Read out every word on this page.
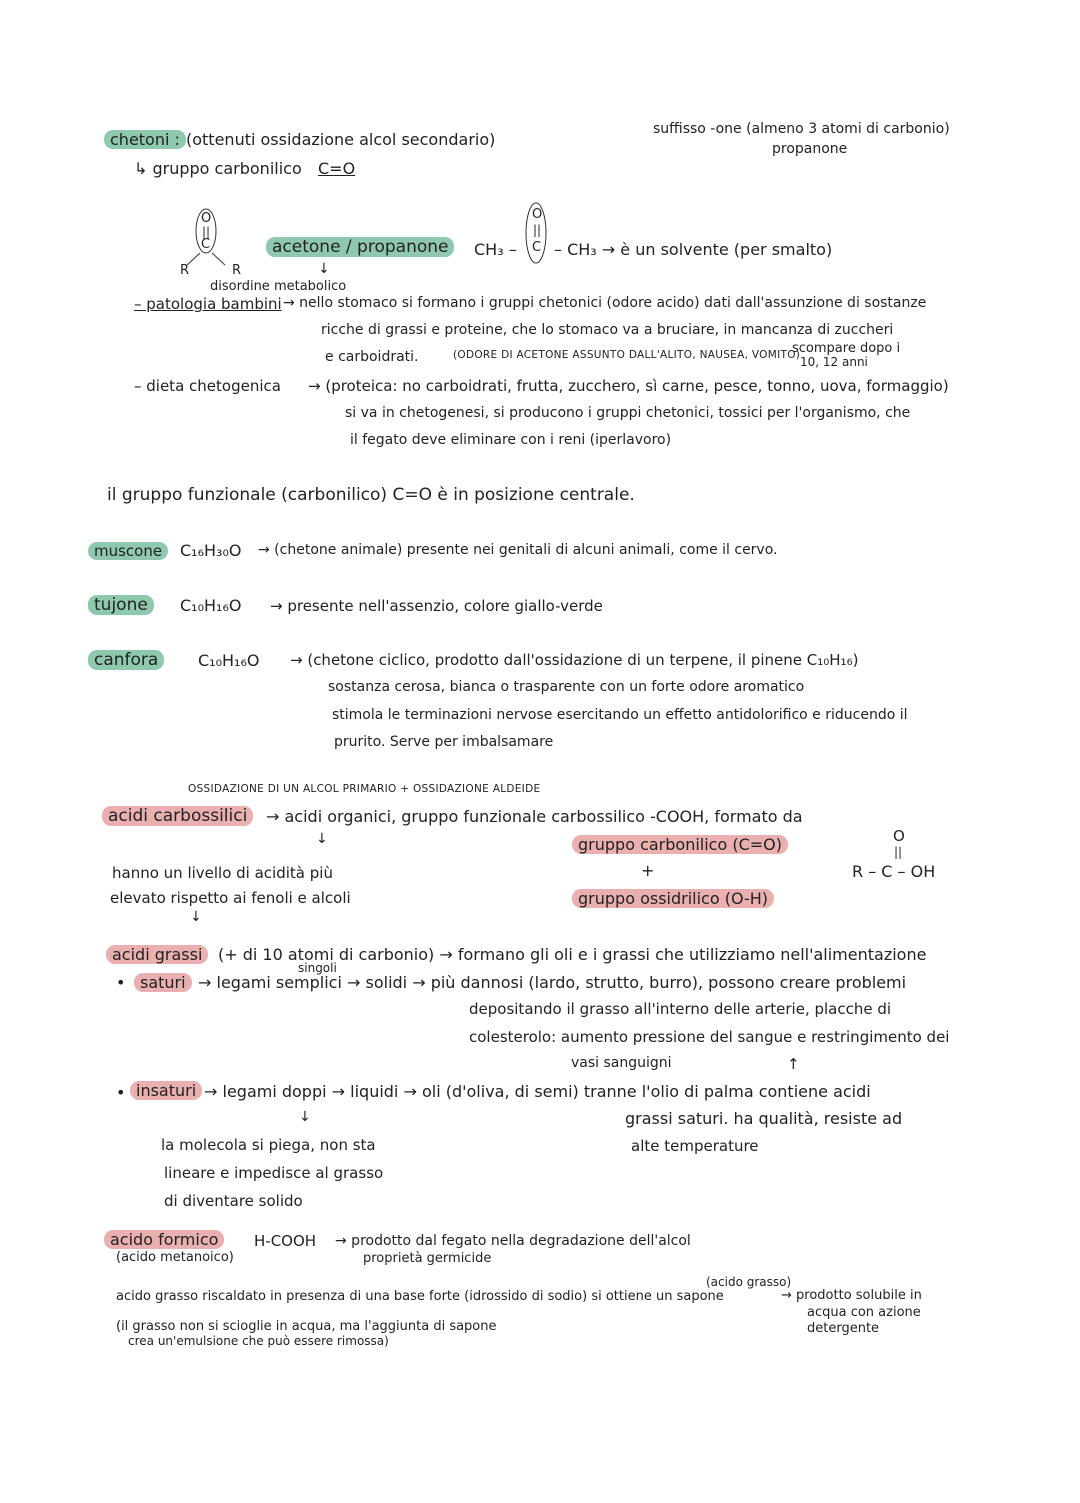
chetoni : (ottenuti ossidazione alcol secondario)
suffisso -one (almeno 3 atomi di carbonio)
propanone
↳ gruppo carbonilico C=O
O
||
C
R	R
acetone / propanone	CH₃ –
O
||
C – CH₃ → è un solvente (per smalto)
↓
disordine metabolico
– patologia bambini → nello stomaco si formano i gruppi chetonici (odore acido) dati dall'assunzione di sostanze
ricche di grassi e proteine, che lo stomaco va a bruciare, in mancanza di zuccheri
e carboidrati.	(ODORE DI ACETONE ASSUNTO DALL'ALITO, NAUSEA, VOMITO)
scompare dopo i
10, 12 anni
– dieta chetogenica → (proteica: no carboidrati, frutta, zucchero, sì carne, pesce, tonno, uova, formaggio)
si va in chetogenesi, si producono i gruppi chetonici, tossici per l'organismo, che
il fegato deve eliminare con i reni (iperlavoro)
il gruppo funzionale (carbonilico) C=O è in posizione centrale.
muscone	C₁₆H₃₀O → (chetone animale) presente nei genitali di alcuni animali, come il cervo.
tujone	C₁₀H₁₆O → presente nell'assenzio, colore giallo-verde
canfora	C₁₀H₁₆O → (chetone ciclico, prodotto dall'ossidazione di un terpene, il pinene C₁₀H₁₆)
sostanza cerosa, bianca o trasparente con un forte odore aromatico
stimola le terminazioni nervose esercitando un effetto antidolorifico e riducendo il
prurito. Serve per imbalsamare
OSSIDAZIONE DI UN ALCOL PRIMARIO + OSSIDAZIONE ALDEIDE
acidi carbossilici	→ acidi organici, gruppo funzionale carbossilico -COOH, formato da
↓
hanno un livello di acidità più
elevato rispetto ai fenoli e alcoli
↓
gruppo carbonilico (C=O)
+
gruppo ossidrilico (O-H)
O
||
R – C – OH
acidi grassi (+ di 10 atomi di carbonio) → formano gli oli e i grassi che utilizziamo nell'alimentazione
singoli
• saturi → legami semplici → solidi → più dannosi (lardo, strutto, burro), possono creare problemi
depositando il grasso all'interno delle arterie, placche di
colesterolo: aumento pressione del sangue e restringimento dei
vasi sanguigni	↑
• insaturi → legami doppi → liquidi → oli (d'oliva, di semi) tranne l'olio di palma contiene acidi
grassi saturi. ha qualità, resiste ad
alte temperature
↓
la molecola si piega, non sta
lineare e impedisce al grasso
di diventare solido
acido formico
(acido metanoico)
H-COOH → prodotto dal fegato nella degradazione dell'alcol
proprietà germicide
(acido grasso)
acido grasso riscaldato in presenza di una base forte (idrossido di sodio) si ottiene un sapone	→ prodotto solubile in
acqua con azione
detergente
(il grasso non si scioglie in acqua, ma l'aggiunta di sapone
crea un'emulsione che può essere rimossa)
